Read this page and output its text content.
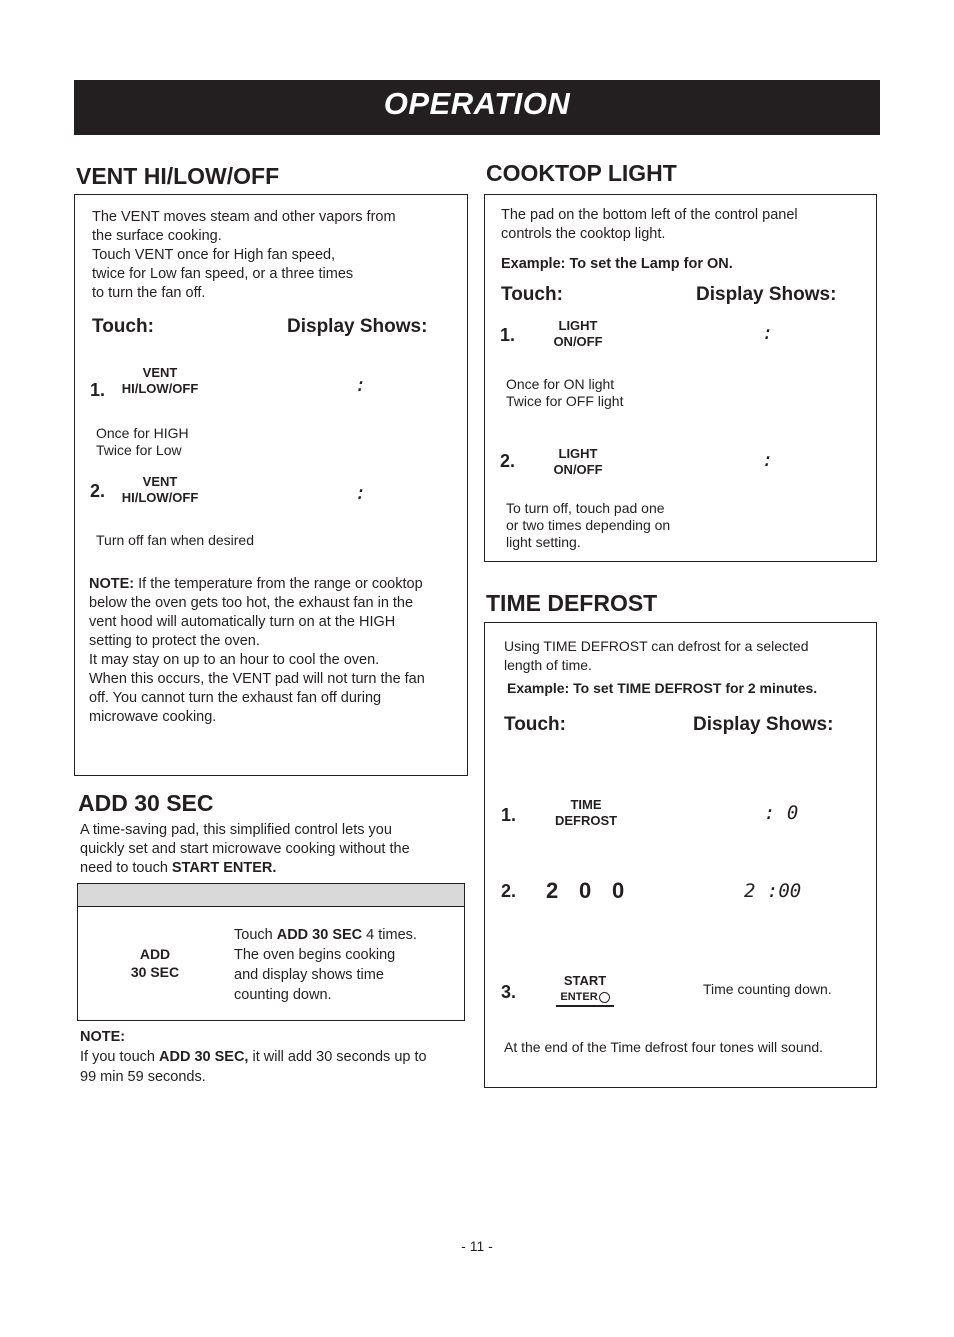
OPERATION
VENT HI/LOW/OFF
The VENT moves steam and other vapors from
the surface cooking.
Touch VENT once for High fan speed,
twice for Low fan speed, or a three times
to turn the fan off.
Touch:	Display Shows:
1.
VENT
HI/LOW/OFF	:
Once for HIGH
Twice for Low
2.	VENT
HI/LOW/OFF	:
Turn off fan when desired
NOTE: If the temperature from the range or cooktop
below the oven gets too hot, the exhaust fan in the
vent hood will automatically turn on at the HIGH
setting to protect the oven.
It may stay on up to an hour to cool the oven.
When this occurs, the VENT pad will not turn the fan
off. You cannot turn the exhaust fan off during
microwave cooking.
ADD 30 SEC
A time-saving pad, this simplified control lets you
quickly set and start microwave cooking without the
need to touch START ENTER.
ADD
30 SEC
Touch ADD 30 SEC 4 times.
The oven begins cooking
and display shows time
counting down.
NOTE:
If you touch ADD 30 SEC, it will add 30 seconds up to
99 min 59 seconds.
COOKTOP LIGHT
The pad on the bottom left of the control panel
controls the cooktop light.
Example: To set the Lamp for ON.
Touch:	Display Shows:
1.	LIGHT
ON/OFF	:
Once for ON light
Twice for OFF light
2.	LIGHT
ON/OFF	:
To turn off, touch pad one
or two times depending on
light setting.
TIME DEFROST
Using TIME DEFROST can defrost for a selected
length of time.
Example: To set TIME DEFROST for 2 minutes.
Touch:	Display Shows:
1.
TIME
DEFROST	: 0
2. 2 0 0	2 :00
3.
START
ENTER	Time counting down.
At the end of the Time defrost four tones will sound.
- 11 -
